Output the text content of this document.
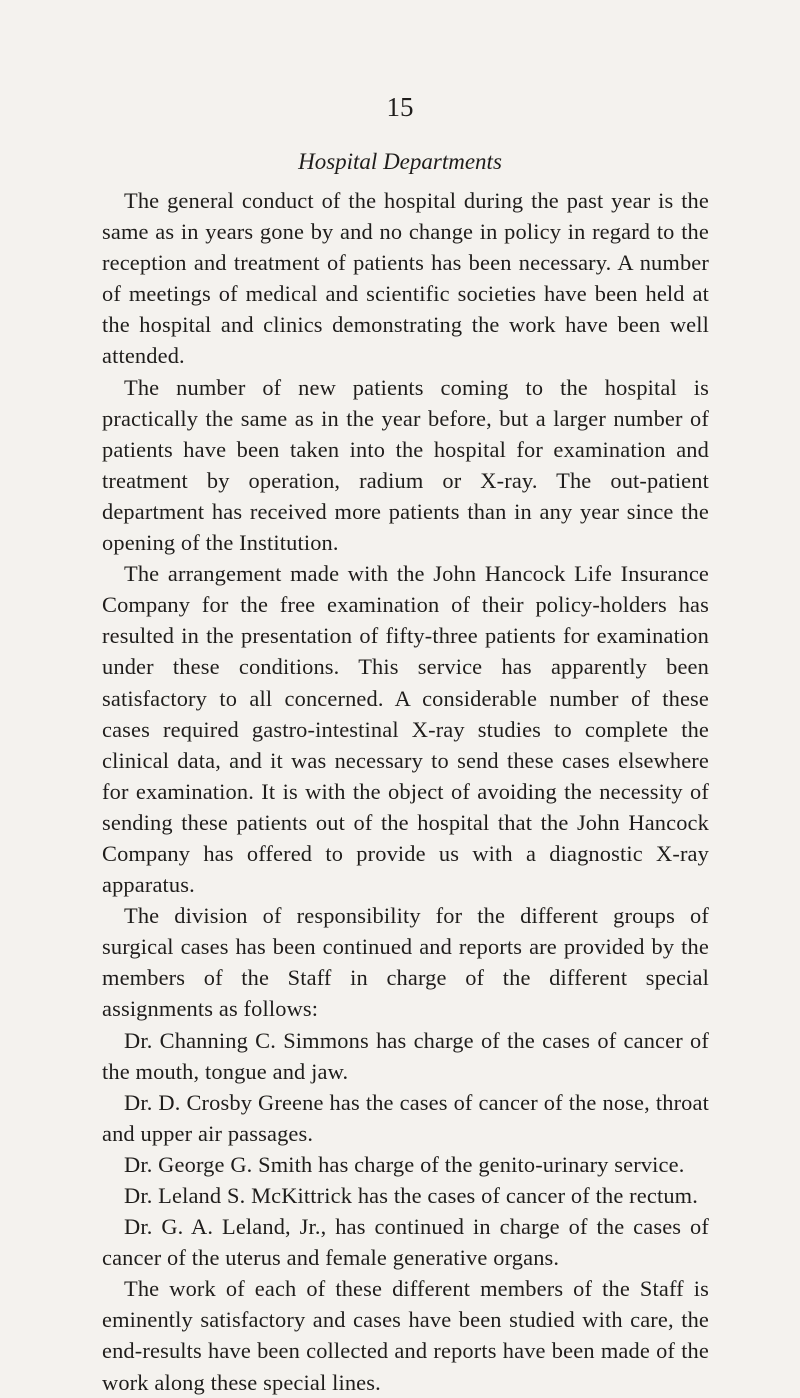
15
Hospital Departments

The general conduct of the hospital during the past year is the same as in years gone by and no change in policy in regard to the reception and treatment of patients has been necessary. A number of meetings of medical and scientific societies have been held at the hospital and clinics demonstrating the work have been well attended.

The number of new patients coming to the hospital is practically the same as in the year before, but a larger number of patients have been taken into the hospital for examination and treatment by operation, radium or X-ray. The out-patient department has received more patients than in any year since the opening of the Institution.

The arrangement made with the John Hancock Life Insurance Company for the free examination of their policy-holders has resulted in the presentation of fifty-three patients for examination under these conditions. This service has apparently been satisfactory to all concerned. A considerable number of these cases required gastro-intestinal X-ray studies to complete the clinical data, and it was necessary to send these cases elsewhere for examination. It is with the object of avoiding the necessity of sending these patients out of the hospital that the John Hancock Company has offered to provide us with a diagnostic X-ray apparatus.

The division of responsibility for the different groups of surgical cases has been continued and reports are provided by the members of the Staff in charge of the different special assignments as follows:

Dr. Channing C. Simmons has charge of the cases of cancer of the mouth, tongue and jaw.

Dr. D. Crosby Greene has the cases of cancer of the nose, throat and upper air passages.

Dr. George G. Smith has charge of the genito-urinary service.

Dr. Leland S. McKittrick has the cases of cancer of the rectum.

Dr. G. A. Leland, Jr., has continued in charge of the cases of cancer of the uterus and female generative organs.

The work of each of these different members of the Staff is eminently satisfactory and cases have been studied with care, the end-results have been collected and reports have been made of the work along these special lines.
